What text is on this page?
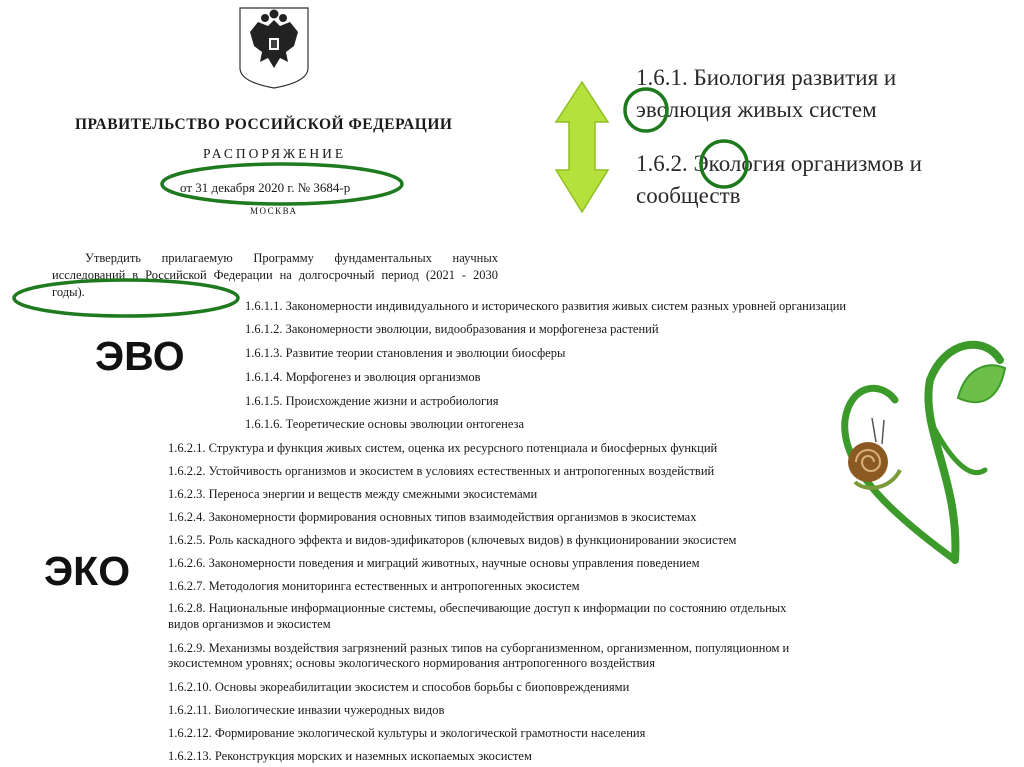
ПРАВИТЕЛЬСТВО РОССИЙСКОЙ ФЕДЕРАЦИИ
РАСПОРЯЖЕНИЕ
от 31 декабря 2020 г. № 3684-р
МОСКВА
Утвердить прилагаемую Программу фундаментальных научных исследований в Российской Федерации на долгосрочный период (2021 - 2030 годы).
1.6.1. Биология развития и
эволюция живых систем
1.6.2. Экология организмов и
сообществ
ЭВО
ЭКО
1.6.1.1. Закономерности индивидуального и исторического развития живых систем разных уровней организации
1.6.1.2. Закономерности эволюции, видообразования и морфогенеза растений
1.6.1.3. Развитие теории становления и эволюции биосферы
1.6.1.4. Морфогенез и эволюция организмов
1.6.1.5. Происхождение жизни и астробиология
1.6.1.6. Теоретические основы эволюции онтогенеза
1.6.2.1. Структура и функция живых систем, оценка их ресурсного потенциала и биосферных функций
1.6.2.2. Устойчивость организмов и экосистем в условиях естественных и антропогенных воздействий
1.6.2.3. Переноса энергии и веществ между смежными экосистемами
1.6.2.4. Закономерности формирования основных типов взаимодействия организмов в экосистемах
1.6.2.5. Роль каскадного эффекта и видов-эдификаторов (ключевых видов) в функционировании экосистем
1.6.2.6. Закономерности поведения и миграций животных, научные основы управления поведением
1.6.2.7. Методология мониторинга естественных и антропогенных экосистем
1.6.2.8. Национальные информационные системы, обеспечивающие доступ к информации по состоянию отдельных
видов организмов и экосистем
1.6.2.9. Механизмы воздействия загрязнений разных типов на суборганизменном, организменном, популяционном и
экосистемном уровнях; основы экологического нормирования антропогенного воздействия
1.6.2.10. Основы экореабилитации экосистем и способов борьбы с биоповреждениями
1.6.2.11. Биологические инвазии чужеродных видов
1.6.2.12. Формирование экологической культуры и экологической грамотности населения
1.6.2.13. Реконструкция морских и наземных ископаемых экосистем
